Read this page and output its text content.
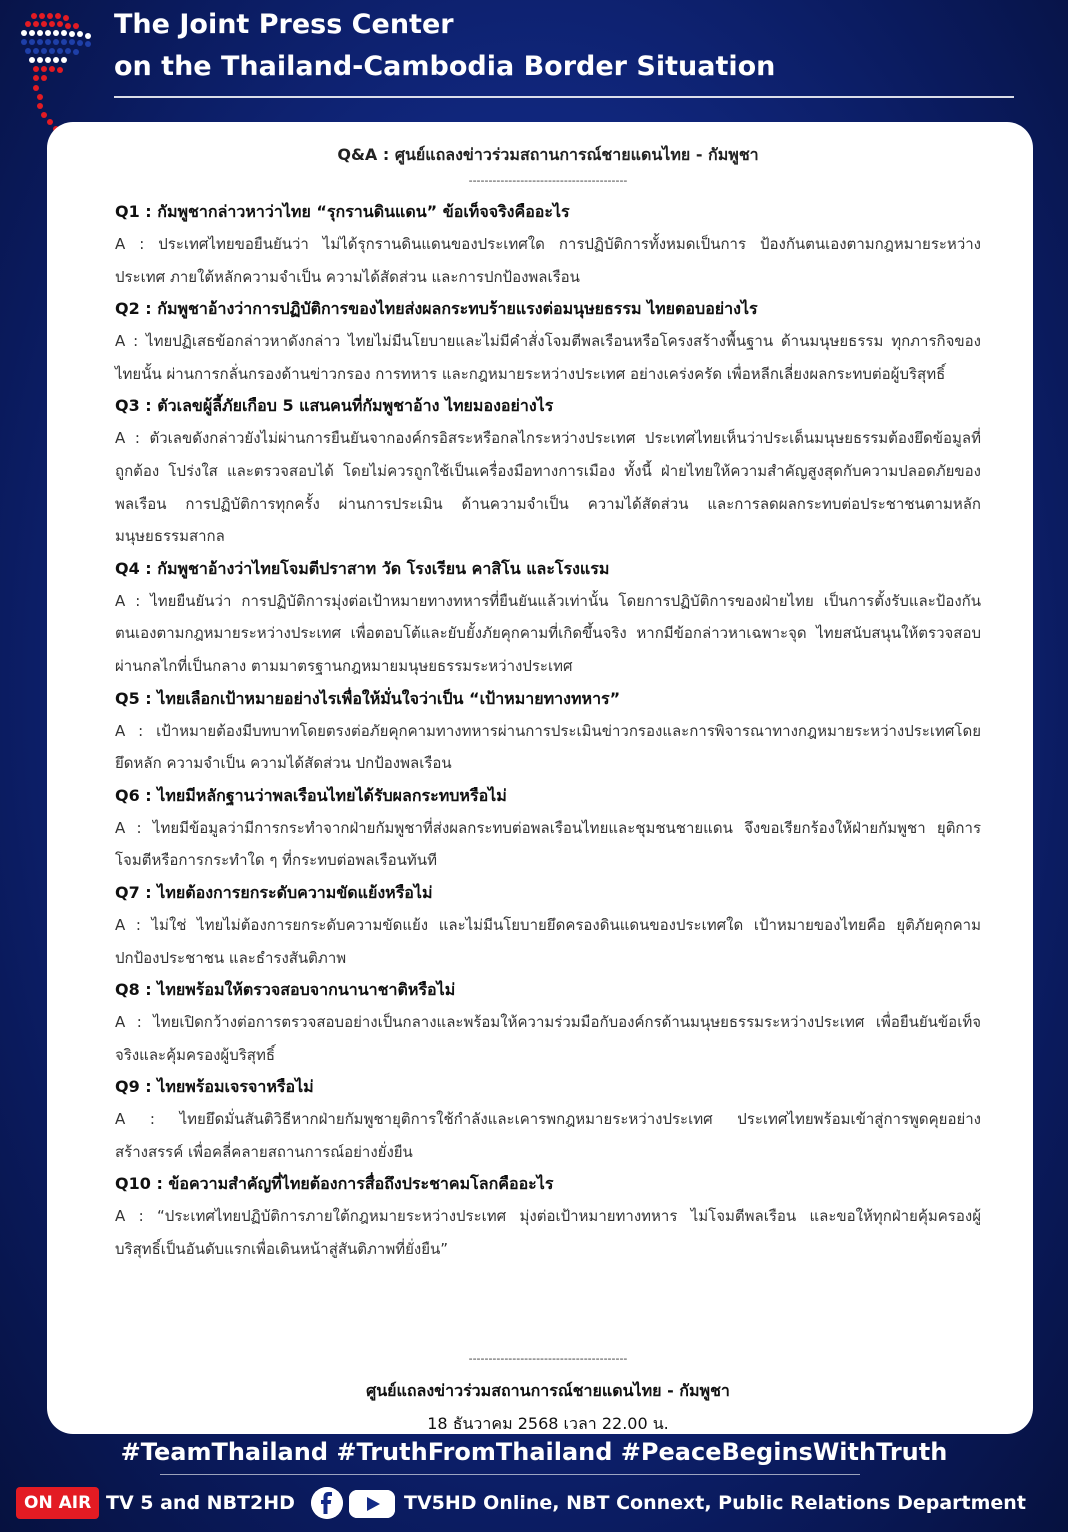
The Joint Press Center
on the Thailand-Cambodia Border Situation

Q&A : ศูนย์แถลงข่าวร่วมสถานการณ์ชายแดนไทย - กัมพูชา

----------------------------------------

Q1 : กัมพูชากล่าวหาว่าไทย “รุกรานดินแดน” ข้อเท็จจริงคืออะไร

A : ประเทศไทยขอยืนยันว่า ไม่ได้รุกรานดินแดนของประเทศใด การปฏิบัติการทั้งหมดเป็นการ ป้องกันตนเองตามกฎหมายระหว่างประเทศ ภายใต้หลักความจำเป็น ความได้สัดส่วน และการปกป้องพลเรือน

Q2 : กัมพูชาอ้างว่าการปฏิบัติการของไทยส่งผลกระทบร้ายแรงต่อมนุษยธรรม ไทยตอบอย่างไร

A : ไทยปฏิเสธข้อกล่าวหาดังกล่าว ไทยไม่มีนโยบายและไม่มีคำสั่งโจมตีพลเรือนหรือโครงสร้างพื้นฐาน ด้านมนุษยธรรม ทุกภารกิจของไทยนั้น ผ่านการกลั่นกรองด้านข่าวกรอง การทหาร และกฎหมายระหว่างประเทศ อย่างเคร่งครัด เพื่อหลีกเลี่ยงผลกระทบต่อผู้บริสุทธิ์

Q3 : ตัวเลขผู้ลี้ภัยเกือบ 5 แสนคนที่กัมพูชาอ้าง ไทยมองอย่างไร

A : ตัวเลขดังกล่าวยังไม่ผ่านการยืนยันจากองค์กรอิสระหรือกลไกระหว่างประเทศ ประเทศไทยเห็นว่าประเด็นมนุษยธรรมต้องยึดข้อมูลที่ถูกต้อง โปร่งใส และตรวจสอบได้ โดยไม่ควรถูกใช้เป็นเครื่องมือทางการเมือง ทั้งนี้ ฝ่ายไทยให้ความสำคัญสูงสุดกับความปลอดภัยของพลเรือน การปฏิบัติการทุกครั้ง ผ่านการประเมิน ด้านความจำเป็น ความได้สัดส่วน และการลดผลกระทบต่อประชาชนตามหลักมนุษยธรรมสากล

Q4 : กัมพูชาอ้างว่าไทยโจมตีปราสาท วัด โรงเรียน คาสิโน และโรงแรม

A : ไทยยืนยันว่า การปฏิบัติการมุ่งต่อเป้าหมายทางทหารที่ยืนยันแล้วเท่านั้น โดยการปฏิบัติการของฝ่ายไทย เป็นการตั้งรับและป้องกันตนเองตามกฎหมายระหว่างประเทศ เพื่อตอบโต้และยับยั้งภัยคุกคามที่เกิดขึ้นจริง หากมีข้อกล่าวหาเฉพาะจุด ไทยสนับสนุนให้ตรวจสอบผ่านกลไกที่เป็นกลาง ตามมาตรฐานกฎหมายมนุษยธรรมระหว่างประเทศ

Q5 : ไทยเลือกเป้าหมายอย่างไรเพื่อให้มั่นใจว่าเป็น “เป้าหมายทางทหาร”

A : เป้าหมายต้องมีบทบาทโดยตรงต่อภัยคุกคามทางทหารผ่านการประเมินข่าวกรองและการพิจารณาทางกฎหมายระหว่างประเทศโดยยึดหลัก ความจำเป็น ความได้สัดส่วน ปกป้องพลเรือน

Q6 : ไทยมีหลักฐานว่าพลเรือนไทยได้รับผลกระทบหรือไม่

A : ไทยมีข้อมูลว่ามีการกระทำจากฝ่ายกัมพูชาที่ส่งผลกระทบต่อพลเรือนไทยและชุมชนชายแดน จึงขอเรียกร้องให้ฝ่ายกัมพูชา ยุติการโจมตีหรือการกระทำใด ๆ ที่กระทบต่อพลเรือนทันที

Q7 : ไทยต้องการยกระดับความขัดแย้งหรือไม่

A : ไม่ใช่ ไทยไม่ต้องการยกระดับความขัดแย้ง และไม่มีนโยบายยึดครองดินแดนของประเทศใด เป้าหมายของไทยคือ ยุติภัยคุกคาม ปกป้องประชาชน และธำรงสันติภาพ

Q8 : ไทยพร้อมให้ตรวจสอบจากนานาชาติหรือไม่

A : ไทยเปิดกว้างต่อการตรวจสอบอย่างเป็นกลางและพร้อมให้ความร่วมมือกับองค์กรด้านมนุษยธรรมระหว่างประเทศ เพื่อยืนยันข้อเท็จจริงและคุ้มครองผู้บริสุทธิ์

Q9 : ไทยพร้อมเจรจาหรือไม่

A : ไทยยึดมั่นสันติวิธีหากฝ่ายกัมพูชายุติการใช้กำลังและเคารพกฎหมายระหว่างประเทศ ประเทศไทยพร้อมเข้าสู่การพูดคุยอย่างสร้างสรรค์ เพื่อคลี่คลายสถานการณ์อย่างยั่งยืน

Q10 : ข้อความสำคัญที่ไทยต้องการสื่อถึงประชาคมโลกคืออะไร

A : “ประเทศไทยปฏิบัติการภายใต้กฎหมายระหว่างประเทศ มุ่งต่อเป้าหมายทางทหาร ไม่โจมตีพลเรือน และขอให้ทุกฝ่ายคุ้มครองผู้บริสุทธิ์เป็นอันดับแรกเพื่อเดินหน้าสู่สันติภาพที่ยั่งยืน”

----------------------------------------

ศูนย์แถลงข่าวร่วมสถานการณ์ชายแดนไทย - กัมพูชา

18 ธันวาคม 2568 เวลา 22.00 น.

#TeamThailand #TruthFromThailand #PeaceBeginsWithTruth
ON AIR TV 5 and NBT2HD	TV5HD Online, NBT Connext, Public Relations Department
